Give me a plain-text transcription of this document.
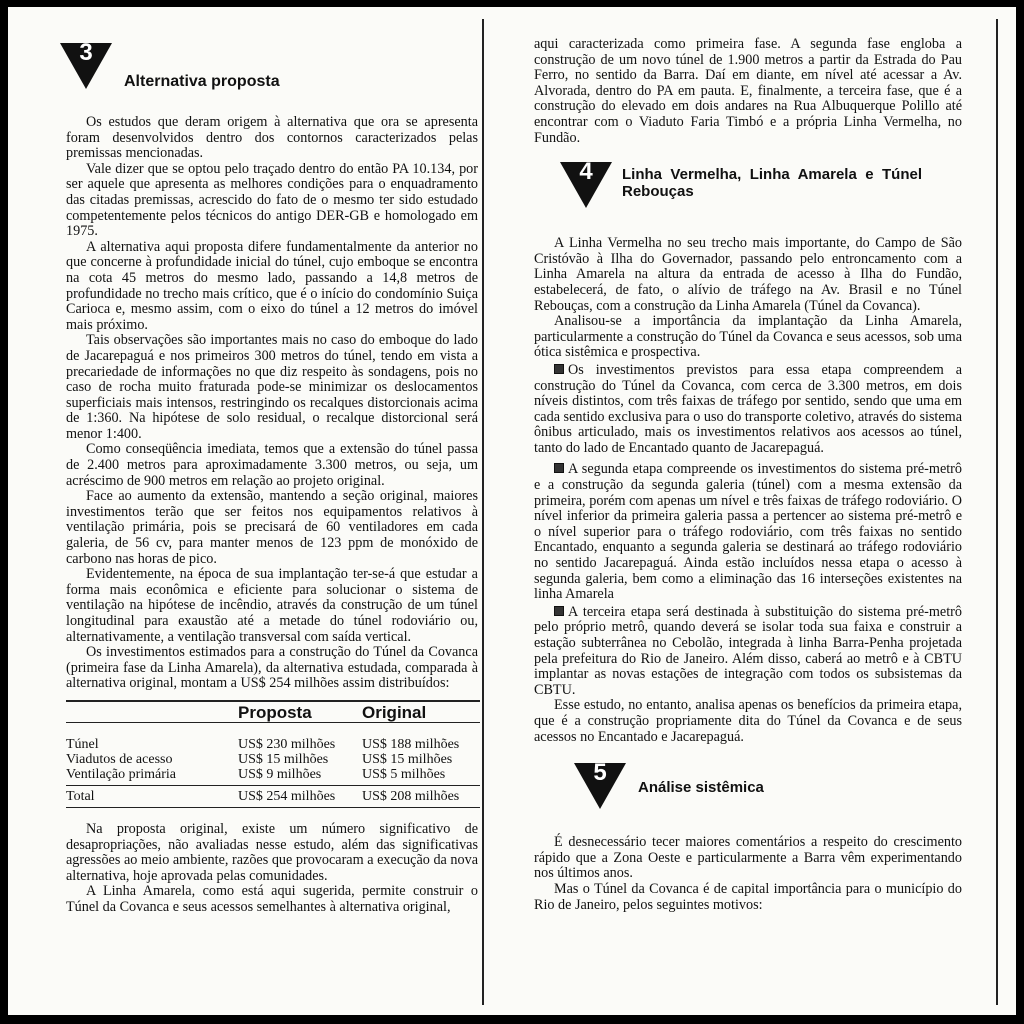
3
Alternativa proposta

Os estudos que deram origem à alternativa que ora se apresenta foram desenvolvidos dentro dos contornos caracterizados pelas premissas mencionadas.

Vale dizer que se optou pelo traçado dentro do então PA 10.134, por ser aquele que apresenta as melhores condições para o enquadramento das citadas premissas, acrescido do fato de o mesmo ter sido estudado competentemente pelos técnicos do antigo DER-GB e homologado em 1975.

A alternativa aqui proposta difere fundamentalmente da anterior no que concerne à profundidade inicial do túnel, cujo emboque se encontra na cota 45 metros do mesmo lado, passando a 14,8 metros de profundidade no trecho mais crítico, que é o início do condomínio Suiça Carioca e, mesmo assim, com o eixo do túnel a 12 metros do imóvel mais próximo.

Tais observações são importantes mais no caso do emboque do lado de Jacarepaguá e nos primeiros 300 metros do túnel, tendo em vista a precariedade de informações no que diz respeito às sondagens, pois no caso de rocha muito fraturada pode-se minimizar os deslocamentos superficiais mais intensos, restringindo os recalques distorcionais acima de 1:360. Na hipótese de solo residual, o recalque distorcional será menor 1:400.

Como conseqüência imediata, temos que a extensão do túnel passa de 2.400 metros para aproximadamente 3.300 metros, ou seja, um acréscimo de 900 metros em relação ao projeto original.

Face ao aumento da extensão, mantendo a seção original, maiores investimentos terão que ser feitos nos equipamentos relativos à ventilação primária, pois se precisará de 60 ventiladores em cada galeria, de 56 cv, para manter menos de 123 ppm de monóxido de carbono nas horas de pico.

Evidentemente, na época de sua implantação ter-se-á que estudar a forma mais econômica e eficiente para solucionar o sistema de ventilação na hipótese de incêndio, através da construção de um túnel longitudinal para exaustão até a metade do túnel rodoviário ou, alternativamente, a ventilação transversal com saída vertical.

Os investimentos estimados para a construção do Túnel da Covanca (primeira fase da Linha Amarela), da alternativa estudada, comparada à alternativa original, montam a US$ 254 milhões assim distribuídos:

	Proposta	Original

Túnel	US$ 230 milhões	US$ 188 milhões
Viadutos de acesso	US$ 15 milhões	US$ 15 milhões
Ventilação primária	US$ 9 milhões	US$ 5 milhões
Total	US$ 254 milhões	US$ 208 milhões

Na proposta original, existe um número significativo de desapropriações, não avaliadas nesse estudo, além das significativas agressões ao meio ambiente, razões que provocaram a execução da nova alternativa, hoje aprovada pelas comunidades.

A Linha Amarela, como está aqui sugerida, permite construir o Túnel da Covanca e seus acessos semelhantes à alternativa original,

aqui caracterizada como primeira fase. A segunda fase engloba a construção de um novo túnel de 1.900 metros a partir da Estrada do Pau Ferro, no sentido da Barra. Daí em diante, em nível até acessar a Av. Alvorada, dentro do PA em pauta. E, finalmente, a terceira fase, que é a construção do elevado em dois andares na Rua Albuquerque Polillo até encontrar com o Viaduto Faria Timbó e a própria Linha Vermelha, no Fundão.

4	Linha Vermelha, Linha Amarela e Túnel Rebouças

A Linha Vermelha no seu trecho mais importante, do Campo de São Cristóvão à Ilha do Governador, passando pelo entroncamento com a Linha Amarela na altura da entrada de acesso à Ilha do Fundão, estabelecerá, de fato, o alívio de tráfego na Av. Brasil e no Túnel Rebouças, com a construção da Linha Amarela (Túnel da Covanca).

Analisou-se a importância da implantação da Linha Amarela, particularmente a construção do Túnel da Covanca e seus acessos, sob uma ótica sistêmica e prospectiva.

Os investimentos previstos para essa etapa compreendem a construção do Túnel da Covanca, com cerca de 3.300 metros, em dois níveis distintos, com três faixas de tráfego por sentido, sendo que uma em cada sentido exclusiva para o uso do transporte coletivo, através do sistema ônibus articulado, mais os investimentos relativos aos acessos ao túnel, tanto do lado de Encantado quanto de Jacarepaguá.

A segunda etapa compreende os investimentos do sistema pré-metrô e a construção da segunda galeria (túnel) com a mesma extensão da primeira, porém com apenas um nível e três faixas de tráfego rodoviário. O nível inferior da primeira galeria passa a pertencer ao sistema pré-metrô e o nível superior para o tráfego rodoviário, com três faixas no sentido Encantado, enquanto a segunda galeria se destinará ao tráfego rodoviário no sentido Jacarepaguá. Ainda estão incluídos nessa etapa o acesso à segunda galeria, bem como a eliminação das 16 interseções existentes na linha Amarela

A terceira etapa será destinada à substituição do sistema pré-metrô pelo próprio metrô, quando deverá se isolar toda sua faixa e construir a estação subterrânea no Cebolão, integrada à linha Barra-Penha projetada pela prefeitura do Rio de Janeiro. Além disso, caberá ao metrô e à CBTU implantar as novas estações de integração com todos os subsistemas da CBTU.

Esse estudo, no entanto, analisa apenas os benefícios da primeira etapa, que é a construção propriamente dita do Túnel da Covanca e de seus acessos no Encantado e Jacarepaguá.

5
Análise sistêmica

É desnecessário tecer maiores comentários a respeito do crescimento rápido que a Zona Oeste e particularmente a Barra vêm experimentando nos últimos anos.

Mas o Túnel da Covanca é de capital importância para o município do Rio de Janeiro, pelos seguintes motivos:
